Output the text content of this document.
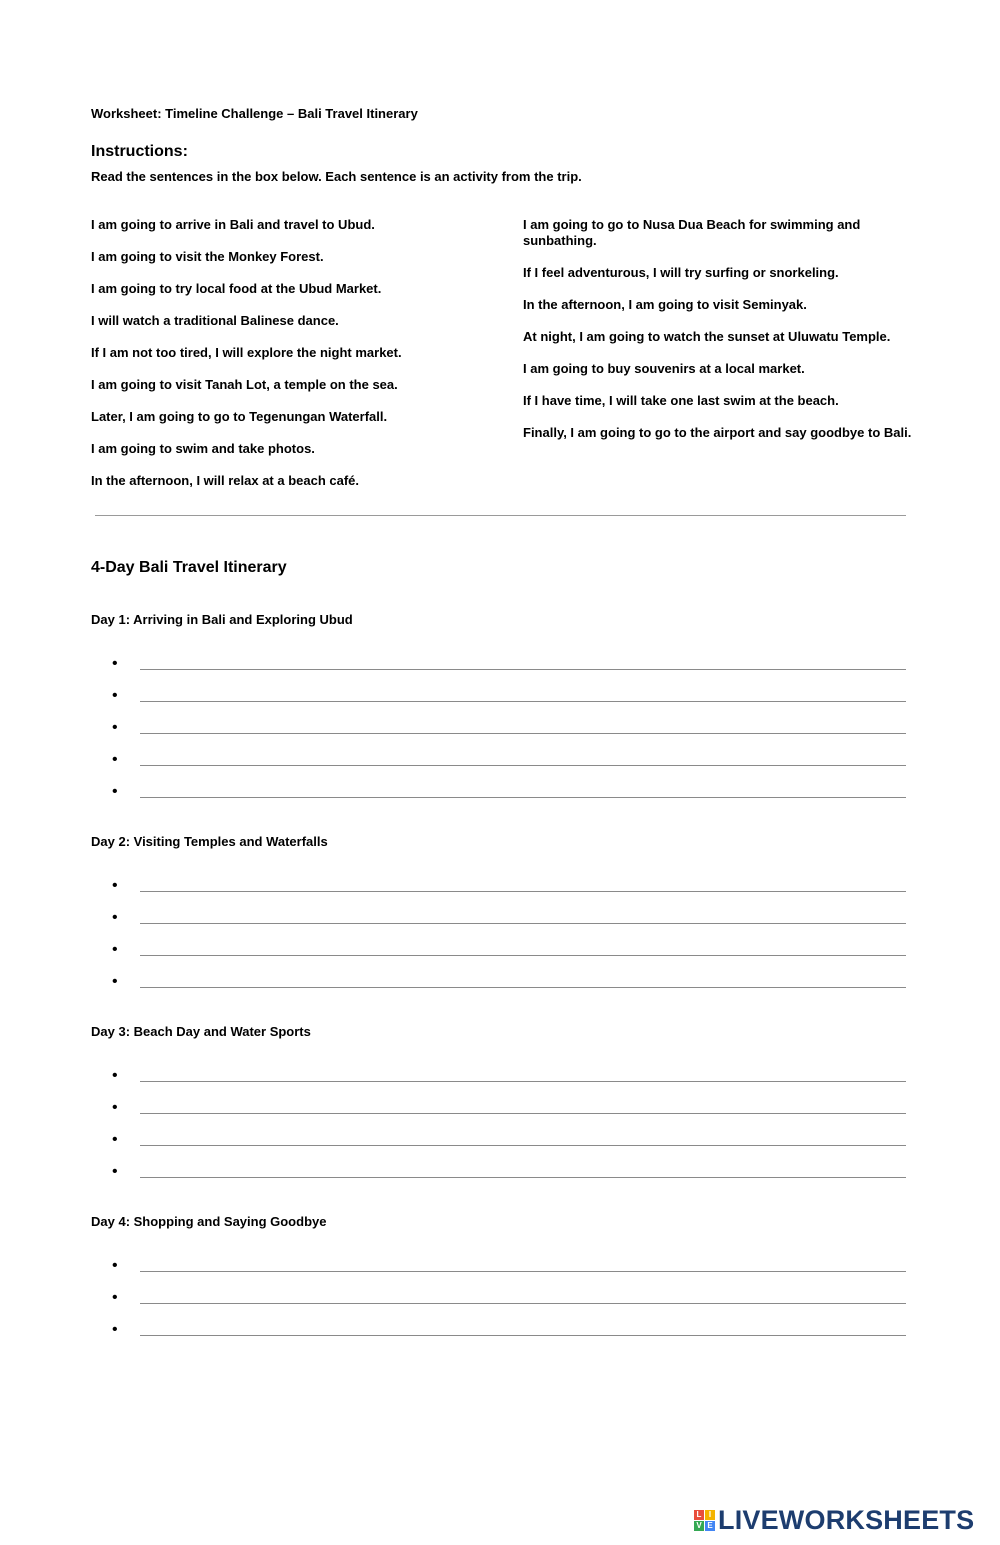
Worksheet: Timeline Challenge – Bali Travel Itinerary
Instructions:
Read the sentences in the box below. Each sentence is an activity from the trip.

I am going to arrive in Bali and travel to Ubud.

I am going to visit the Monkey Forest.

I am going to try local food at the Ubud Market.

I will watch a traditional Balinese dance.

If I am not too tired, I will explore the night market.

I am going to visit Tanah Lot, a temple on the sea.

Later, I am going to go to Tegenungan Waterfall.

I am going to swim and take photos.

In the afternoon, I will relax at a beach café.

I am going to go to Nusa Dua Beach for swimming and sunbathing.

If I feel adventurous, I will try surfing or snorkeling.

In the afternoon, I am going to visit Seminyak.

At night, I am going to watch the sunset at Uluwatu Temple.

I am going to buy souvenirs at a local market.

If I have time, I will take one last swim at the beach.

Finally, I am going to go to the airport and say goodbye to Bali.

4-Day Bali Travel Itinerary
Day 1: Arriving in Bali and Exploring Ubud
•
•
•
•
•
Day 2: Visiting Temples and Waterfalls
•
•
•
•
Day 3: Beach Day and Water Sports
•
•
•
•
Day 4: Shopping and Saying Goodbye
•
•
•
L I
V E LIVEWORKSHEETS
